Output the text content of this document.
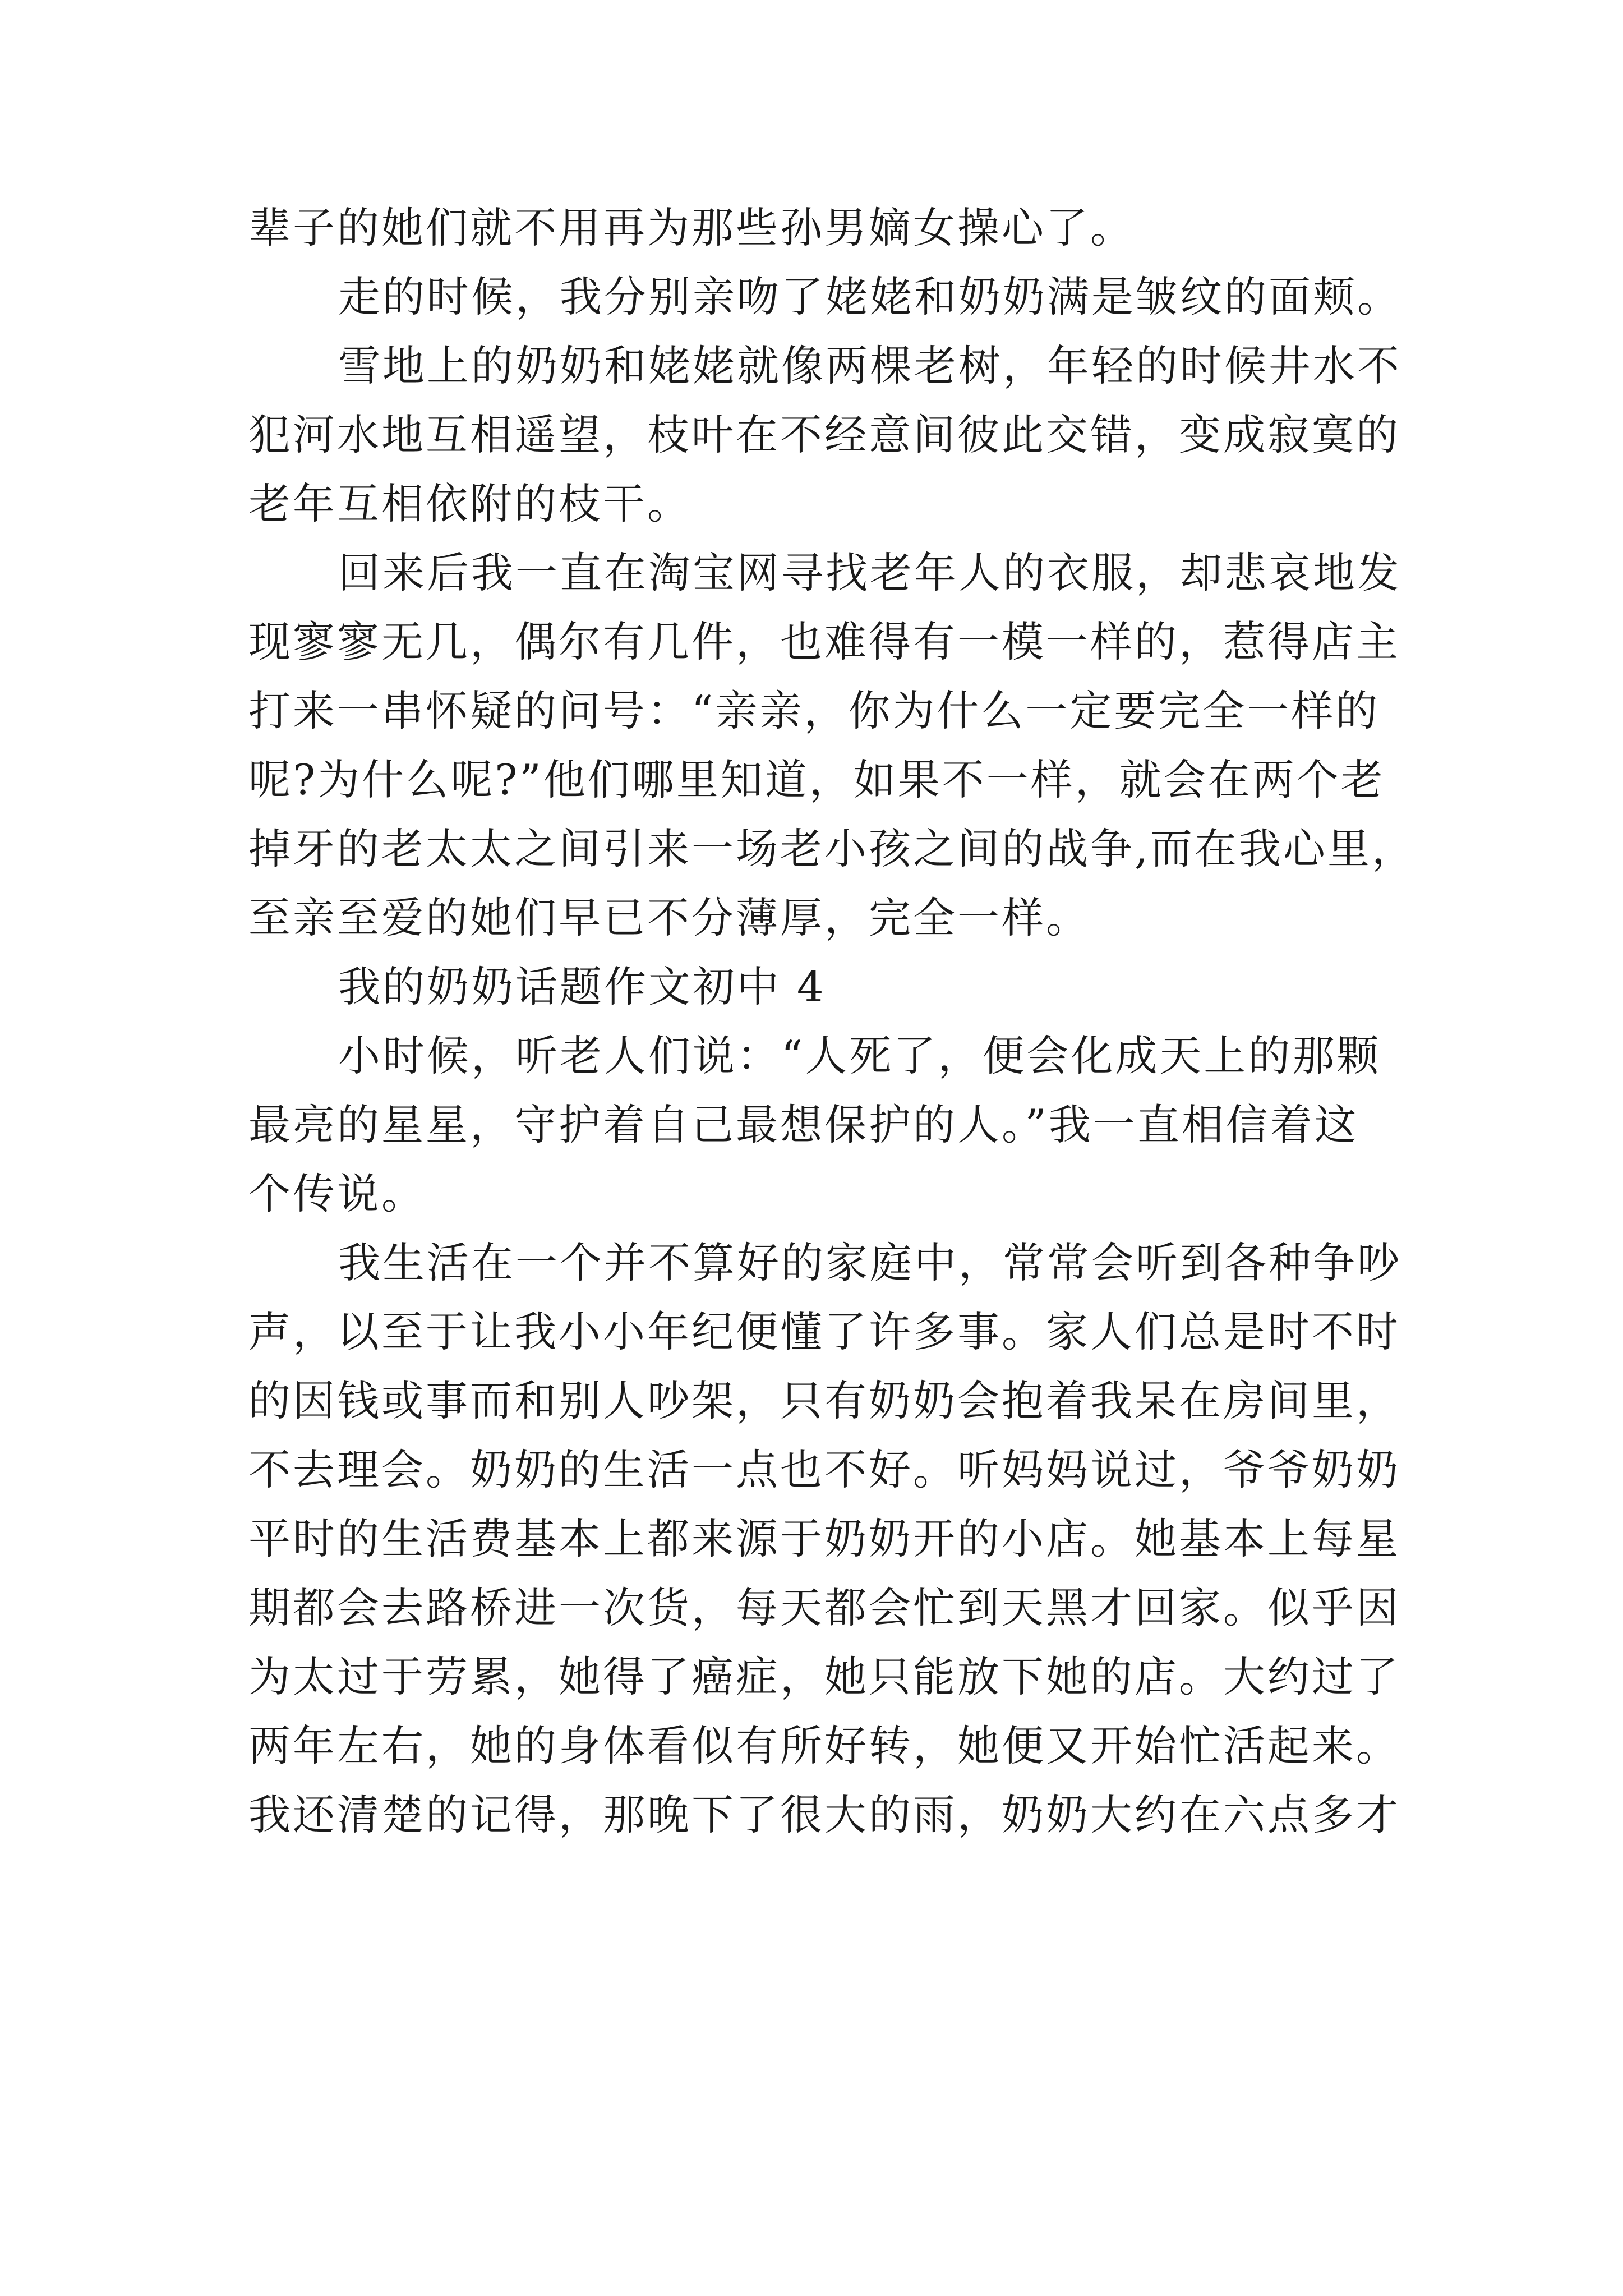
辈子的她们就不用再为那些孙男嫡女操心了。
走的时候，我分别亲吻了姥姥和奶奶满是皱纹的面颊。
雪地上的奶奶和姥姥就像两棵老树，年轻的时候井水不
犯河水地互相遥望，枝叶在不经意间彼此交错，变成寂寞的
老年互相依附的枝干。
回来后我一直在淘宝网寻找老年人的衣服，却悲哀地发
现寥寥无几，偶尔有几件，也难得有一模一样的，惹得店主
打来一串怀疑的问号：“亲亲，你为什么一定要完全一样的
呢?为什么呢?”他们哪里知道，如果不一样，就会在两个老
掉牙的老太太之间引来一场老小孩之间的战争,而在我心里，
至亲至爱的她们早已不分薄厚，完全一样。
我的奶奶话题作文初中 4
小时候，听老人们说：“人死了，便会化成天上的那颗
最亮的星星，守护着自己最想保护的人。”我一直相信着这
个传说。
我生活在一个并不算好的家庭中，常常会听到各种争吵
声，以至于让我小小年纪便懂了许多事。家人们总是时不时
的因钱或事而和别人吵架，只有奶奶会抱着我呆在房间里，
不去理会。奶奶的生活一点也不好。听妈妈说过，爷爷奶奶
平时的生活费基本上都来源于奶奶开的小店。她基本上每星
期都会去路桥进一次货，每天都会忙到天黑才回家。似乎因
为太过于劳累，她得了癌症，她只能放下她的店。大约过了
两年左右，她的身体看似有所好转，她便又开始忙活起来。
我还清楚的记得，那晚下了很大的雨，奶奶大约在六点多才
